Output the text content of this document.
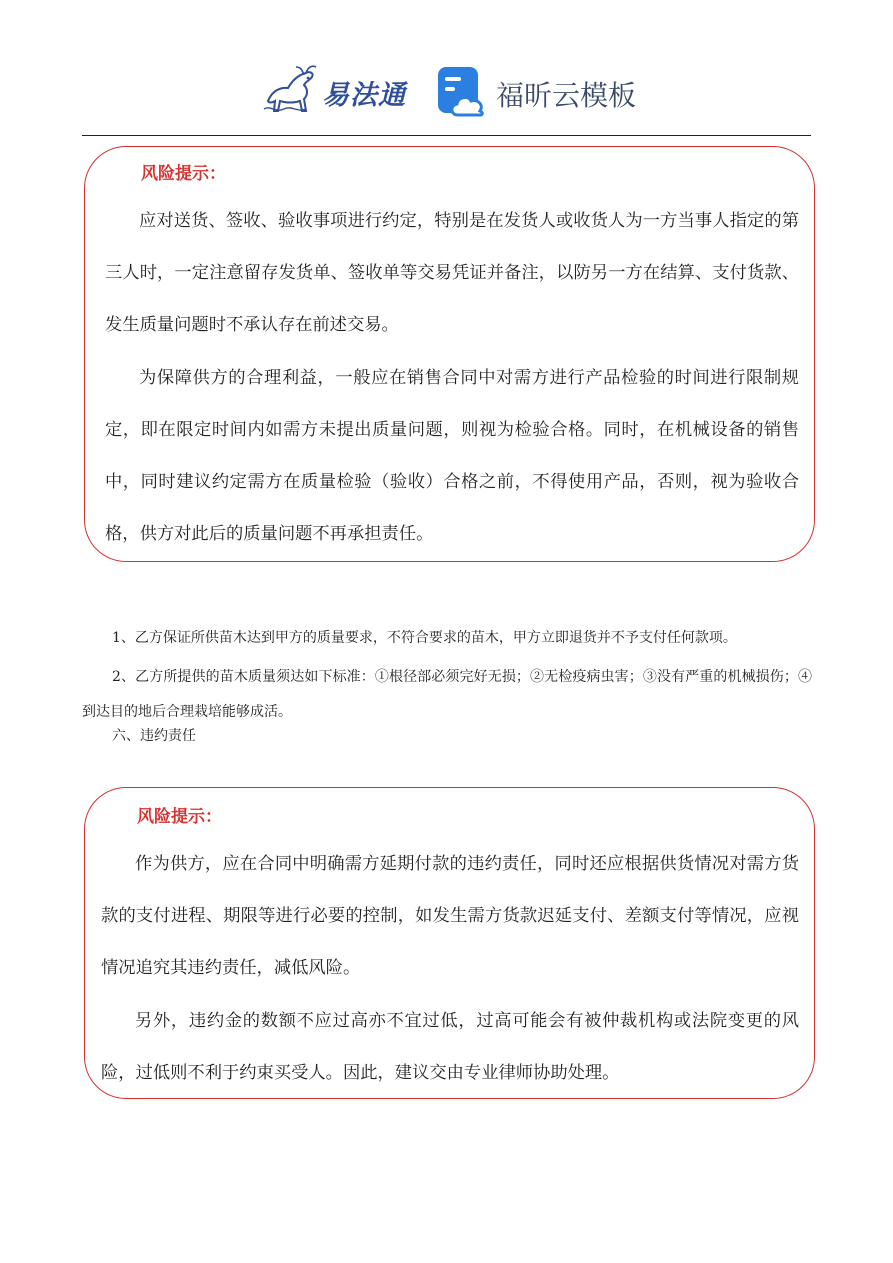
易法通	福昕云模板
风险提示：

应对送货、签收、验收事项进行约定，特别是在发货人或收货人为一方当事人指定的第三人时，一定注意留存发货单、签收单等交易凭证并备注，以防另一方在结算、支付货款、发生质量问题时不承认存在前述交易。

为保障供方的合理利益，一般应在销售合同中对需方进行产品检验的时间进行限制规定，即在限定时间内如需方未提出质量问题，则视为检验合格。同时，在机械设备的销售中，同时建议约定需方在质量检验（验收）合格之前，不得使用产品，否则，视为验收合格，供方对此后的质量问题不再承担责任。

1、乙方保证所供苗木达到甲方的质量要求，不符合要求的苗木，甲方立即退货并不予支付任何款项。

2、乙方所提供的苗木质量须达如下标准：①根径部必须完好无损；②无检疫病虫害；③没有严重的机械损伤；④到达目的地后合理栽培能够成活。

六、违约责任

风险提示：

作为供方，应在合同中明确需方延期付款的违约责任，同时还应根据供货情况对需方货款的支付进程、期限等进行必要的控制，如发生需方货款迟延支付、差额支付等情况，应视情况追究其违约责任，减低风险。

另外，违约金的数额不应过高亦不宜过低，过高可能会有被仲裁机构或法院变更的风险，过低则不利于约束买受人。因此，建议交由专业律师协助处理。
